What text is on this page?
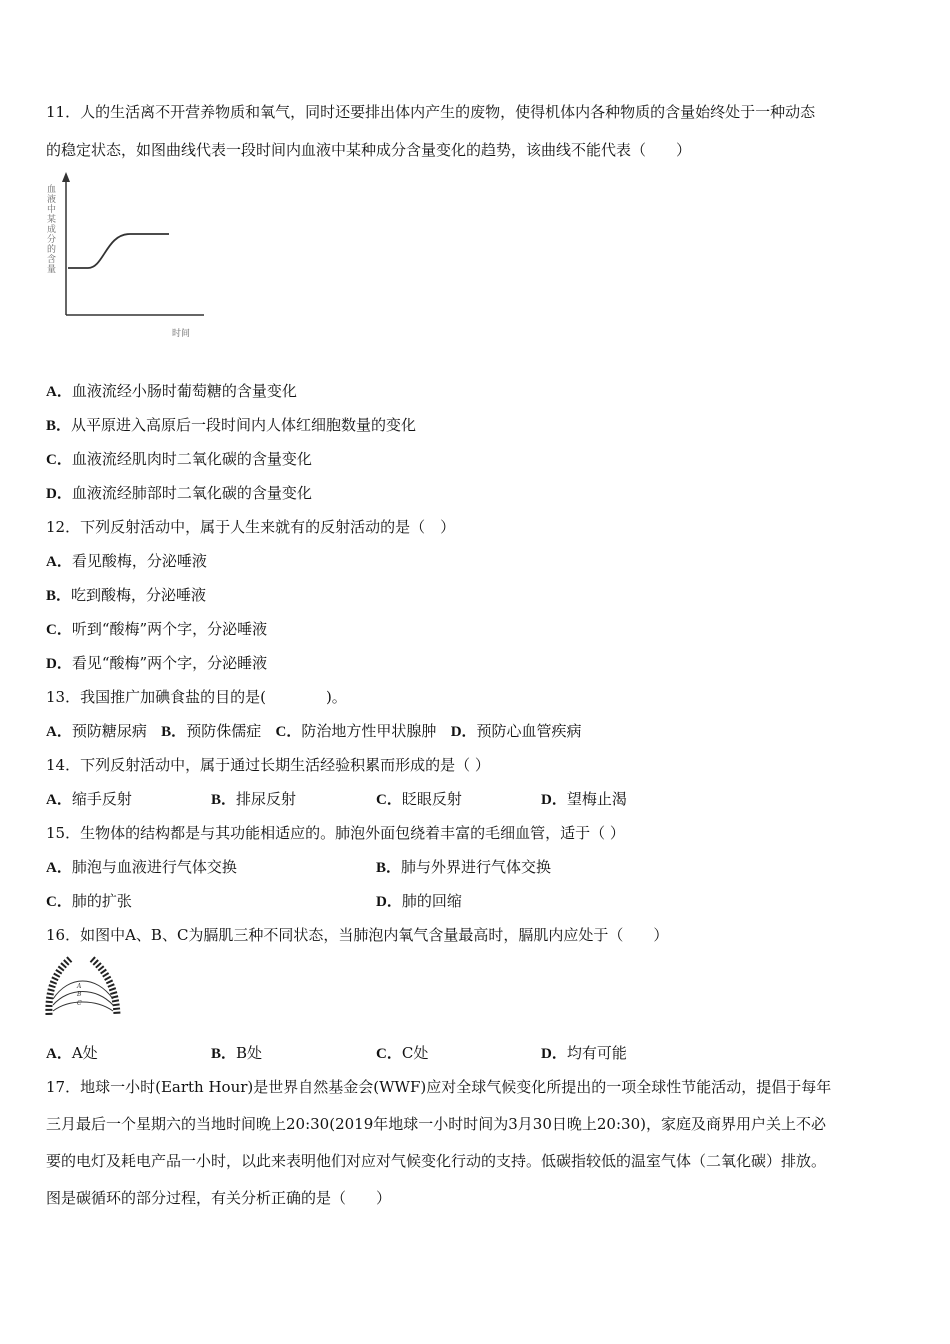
11．人的生活离不开营养物质和氧气，同时还要排出体内产生的废物，使得机体内各种物质的含量始终处于一种动态
的稳定状态，如图曲线代表一段时间内血液中某种成分含量变化的趋势，该曲线不能代表（　　）
血液中某成分的含量
时间
A．血液流经小肠时葡萄糖的含量变化
B．从平原进入高原后一段时间内人体红细胞数量的变化
C．血液流经肌肉时二氧化碳的含量变化
D．血液流经肺部时二氧化碳的含量变化
12．下列反射活动中，属于人生来就有的反射活动的是（　）
A．看见酸梅，分泌唾液
B．吃到酸梅，分泌唾液
C．听到“酸梅”两个字，分泌唾液
D．看见“酸梅”两个字，分泌睡液
13．我国推广加碘食盐的目的是(　　　　)。
A．预防糖尿病 B．预防侏儒症 C．防治地方性甲状腺肿 D．预防心血管疾病
14．下列反射活动中，属于通过长期生活经验积累而形成的是（ ）
A．缩手反射	B．排尿反射	C．眨眼反射	D．望梅止渴
15．生物体的结构都是与其功能相适应的。肺泡外面包绕着丰富的毛细血管，适于（ ）
A．肺泡与血液进行气体交换	B．肺与外界进行气体交换
C．肺的扩张	D．肺的回缩
16．如图中A、B、C为膈肌三种不同状态，当肺泡内氧气含量最高时，膈肌内应处于（　　）
A
B
C
A．A处	B．B处	C．C处	D．均有可能
17．地球一小时(Earth Hour)是世界自然基金会(WWF)应对全球气候变化所提出的一项全球性节能活动，提倡于每年
三月最后一个星期六的当地时间晚上20:30(2019年地球一小时时间为3月30日晚上20:30)，家庭及商界用户关上不必
要的电灯及耗电产品一小时，以此来表明他们对应对气候变化行动的支持。低碳指较低的温室气体（二氧化碳）排放。
图是碳循环的部分过程，有关分析正确的是（　　）
